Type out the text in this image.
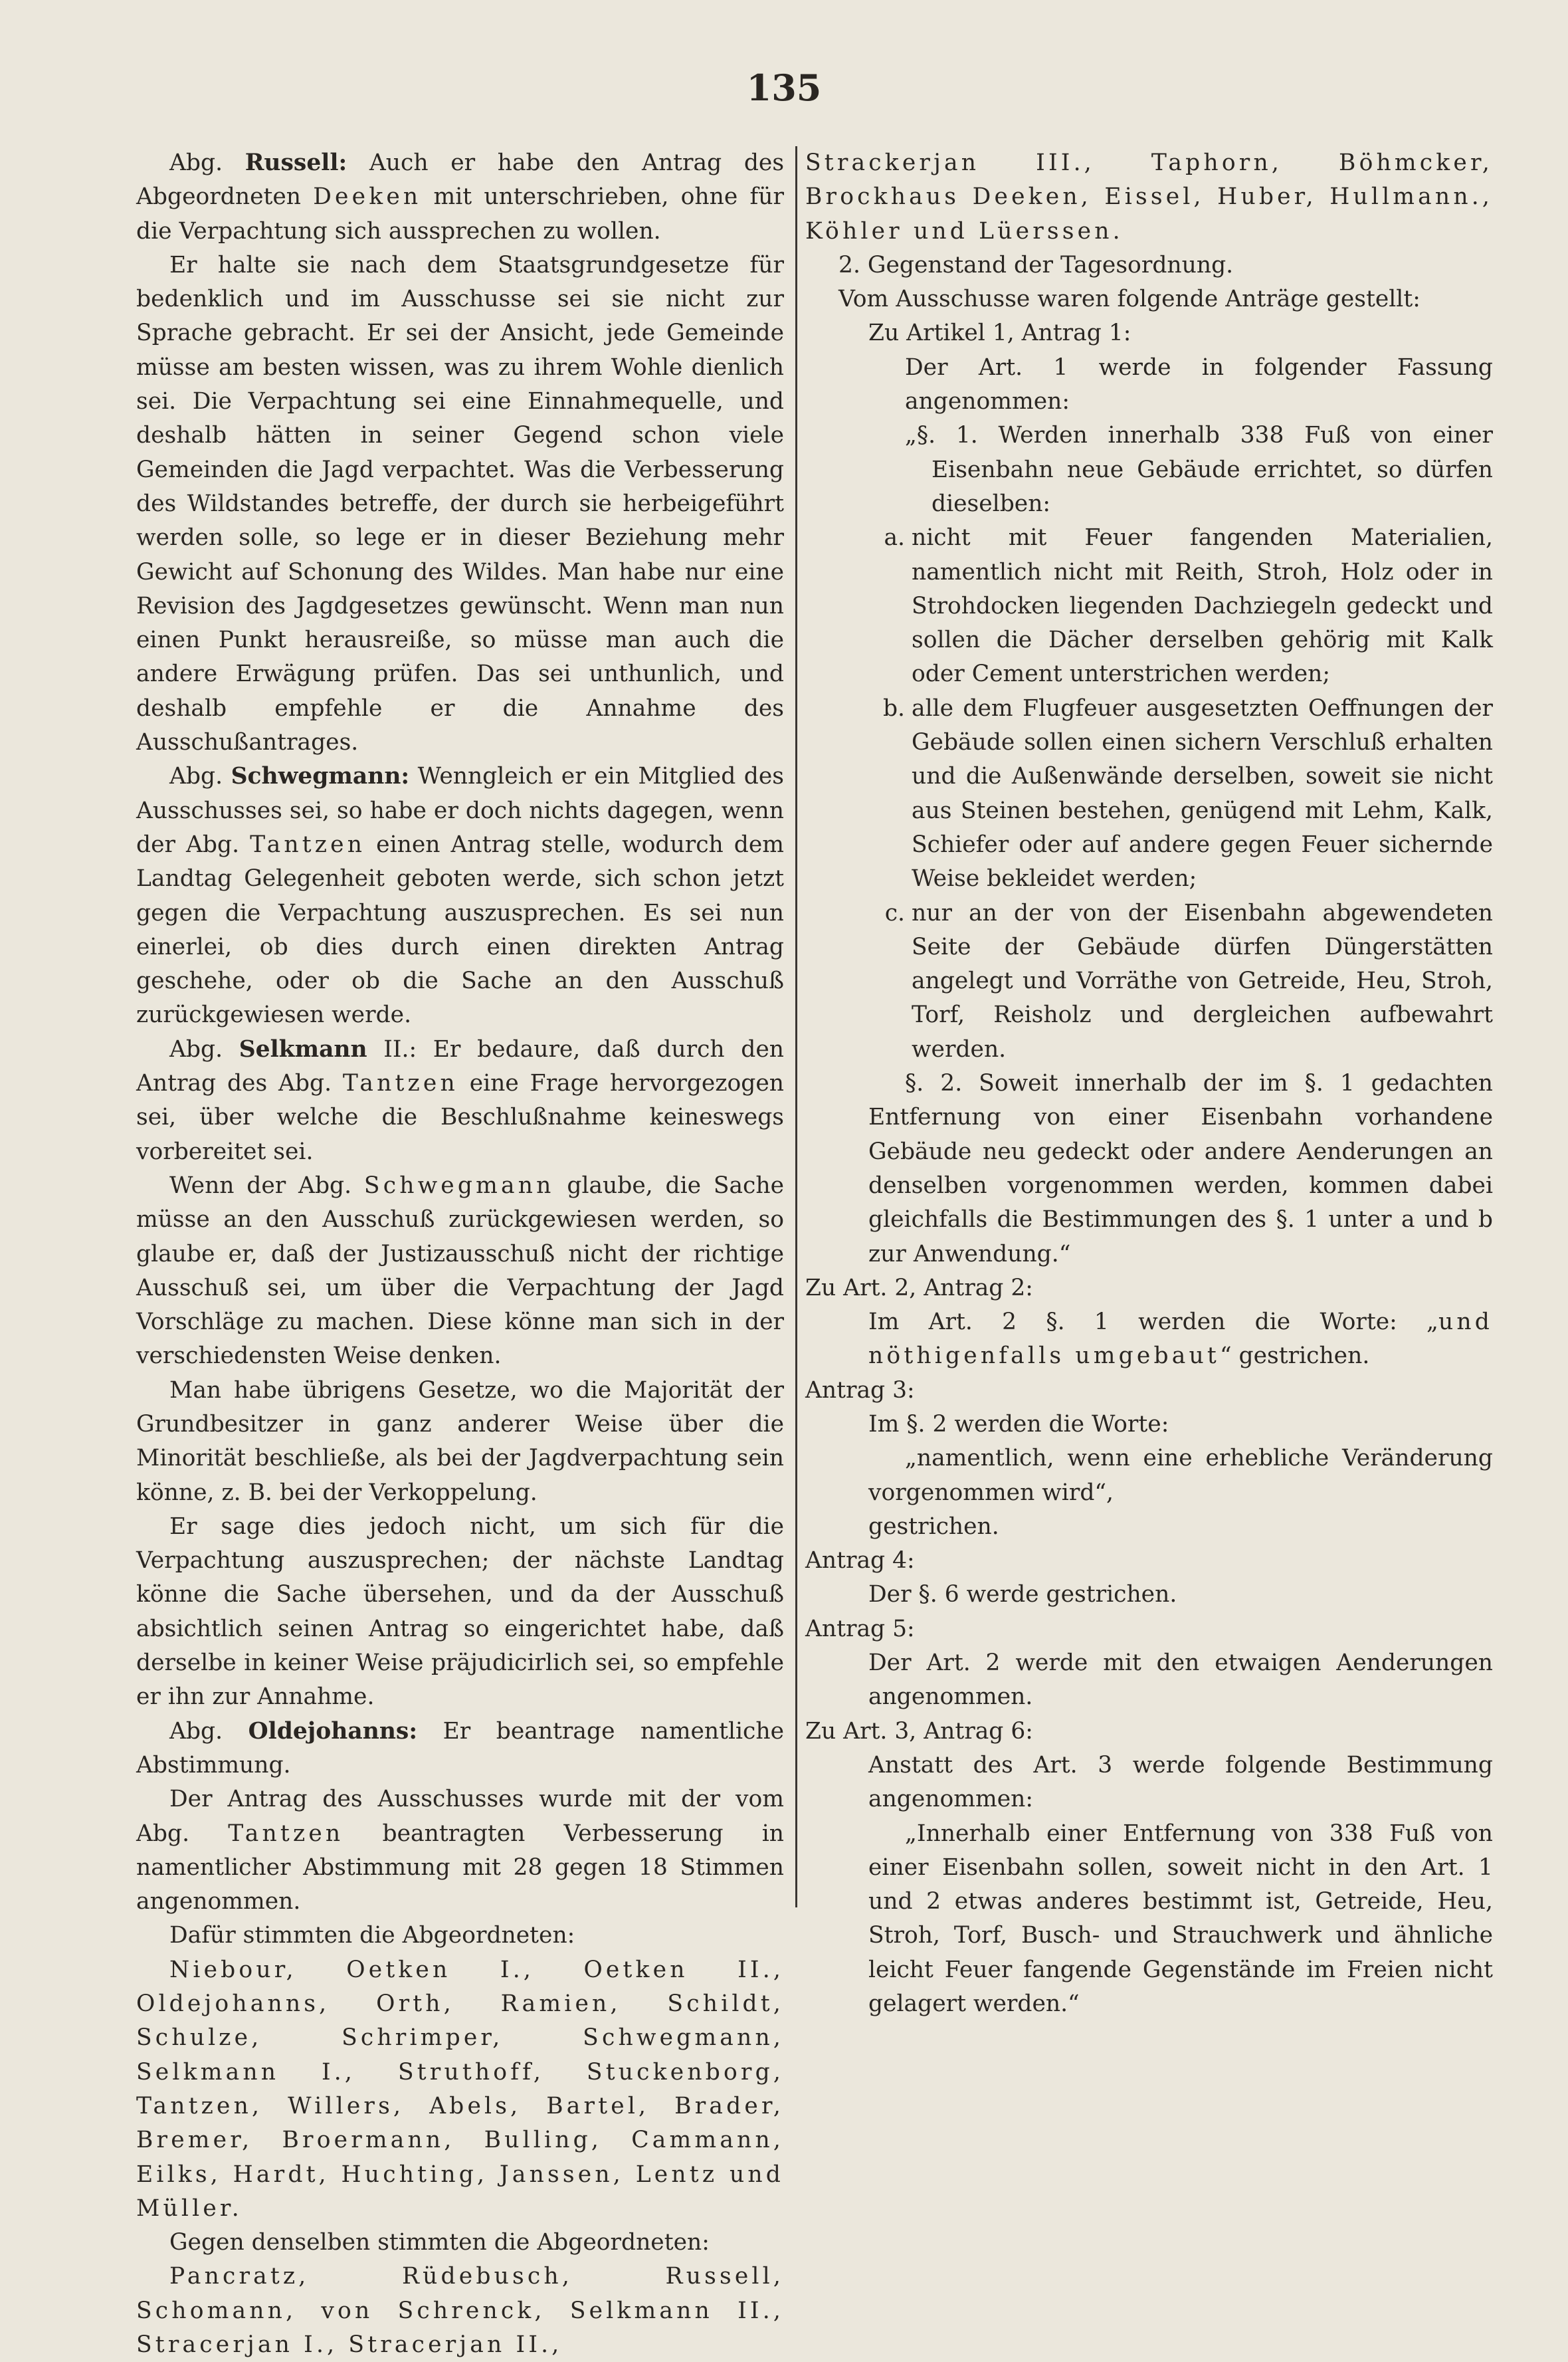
135

Abg. Russell: Auch er habe den Antrag des Abgeordneten Deeken mit unterschrieben, ohne für die Verpachtung sich aussprechen zu wollen.

Er halte sie nach dem Staatsgrundgesetze für bedenklich und im Ausschusse sei sie nicht zur Sprache gebracht. Er sei der Ansicht, jede Gemeinde müsse am besten wissen, was zu ihrem Wohle dienlich sei. Die Verpachtung sei eine Einnahmequelle, und deshalb hätten in seiner Gegend schon viele Gemeinden die Jagd verpachtet. Was die Verbesserung des Wildstandes betreffe, der durch sie herbeigeführt werden solle, so lege er in dieser Beziehung mehr Gewicht auf Schonung des Wildes. Man habe nur eine Revision des Jagdgesetzes gewünscht. Wenn man nun einen Punkt herausreiße, so müsse man auch die andere Erwägung prüfen. Das sei unthunlich, und deshalb empfehle er die Annahme des Ausschußantrages.

Abg. Schwegmann: Wenngleich er ein Mitglied des Ausschusses sei, so habe er doch nichts dagegen, wenn der Abg. Tantzen einen Antrag stelle, wodurch dem Landtag Gelegenheit geboten werde, sich schon jetzt gegen die Verpachtung auszusprechen. Es sei nun einerlei, ob dies durch einen direkten Antrag geschehe, oder ob die Sache an den Ausschuß zurückgewiesen werde.

Abg. Selkmann II.: Er bedaure, daß durch den Antrag des Abg. Tantzen eine Frage hervorgezogen sei, über welche die Beschlußnahme keineswegs vorbereitet sei.

Wenn der Abg. Schwegmann glaube, die Sache müsse an den Ausschuß zurückgewiesen werden, so glaube er, daß der Justizausschuß nicht der richtige Ausschuß sei, um über die Verpachtung der Jagd Vorschläge zu machen. Diese könne man sich in der verschiedensten Weise denken.

Man habe übrigens Gesetze, wo die Majorität der Grundbesitzer in ganz anderer Weise über die Minorität beschließe, als bei der Jagdverpachtung sein könne, z. B. bei der Verkoppelung.

Er sage dies jedoch nicht, um sich für die Verpachtung auszusprechen; der nächste Landtag könne die Sache übersehen, und da der Ausschuß absichtlich seinen Antrag so eingerichtet habe, daß derselbe in keiner Weise präjudicirlich sei, so empfehle er ihn zur Annahme.

Abg. Oldejohanns: Er beantrage namentliche Abstimmung.

Der Antrag des Ausschusses wurde mit der vom Abg. Tantzen beantragten Verbesserung in namentlicher Abstimmung mit 28 gegen 18 Stimmen angenommen.

Dafür stimmten die Abgeordneten:

Niebour, Oetken I., Oetken II., Oldejohanns, Orth, Ramien, Schildt, Schulze, Schrimper, Schwegmann, Selkmann I., Struthoff, Stuckenborg, Tantzen, Willers, Abels, Bartel, Brader, Bremer, Broermann, Bulling, Cammann, Eilks, Hardt, Huchting, Janssen, Lentz und Müller.

Gegen denselben stimmten die Abgeordneten:

Pancratz, Rüdebusch, Russell, Schomann, von Schrenck, Selkmann II., Stracerjan I., Stracerjan II.,

Strackerjan III., Taphorn, Böhmcker, Brockhaus Deeken, Eissel, Huber, Hullmann., Köhler und Lüerssen.

2. Gegenstand der Tagesordnung.

Vom Ausschusse waren folgende Anträge gestellt:

Zu Artikel 1, Antrag 1:

Der Art. 1 werde in folgender Fassung angenommen:

„§. 1. Werden innerhalb 338 Fuß von einer Eisenbahn neue Gebäude errichtet, so dürfen dieselben:

a. nicht mit Feuer fangenden Materialien, namentlich nicht mit Reith, Stroh, Holz oder in Strohdocken liegenden Dachziegeln gedeckt und sollen die Dächer derselben gehörig mit Kalk oder Cement unterstrichen werden;
b. alle dem Flugfeuer ausgesetzten Oeffnungen der Gebäude sollen einen sichern Verschluß erhalten und die Außenwände derselben, soweit sie nicht aus Steinen bestehen, genügend mit Lehm, Kalk, Schiefer oder auf andere gegen Feuer sichernde Weise bekleidet werden;
c. nur an der von der Eisenbahn abgewendeten Seite der Gebäude dürfen Düngerstätten angelegt und Vorräthe von Getreide, Heu, Stroh, Torf, Reisholz und dergleichen aufbewahrt werden.

§. 2. Soweit innerhalb der im §. 1 gedachten Entfernung von einer Eisenbahn vorhandene Gebäude neu gedeckt oder andere Aenderungen an denselben vorgenommen werden, kommen dabei gleichfalls die Bestimmungen des §. 1 unter a und b zur Anwendung.“

Zu Art. 2, Antrag 2:

Im Art. 2 §. 1 werden die Worte: „und nöthigenfalls umgebaut“ gestrichen.

Antrag 3:

Im §. 2 werden die Worte:

„namentlich, wenn eine erhebliche Veränderung vorgenommen wird“,

gestrichen.

Antrag 4:

Der §. 6 werde gestrichen.

Antrag 5:

Der Art. 2 werde mit den etwaigen Aenderungen angenommen.

Zu Art. 3, Antrag 6:

Anstatt des Art. 3 werde folgende Bestimmung angenommen:

„Innerhalb einer Entfernung von 338 Fuß von einer Eisenbahn sollen, soweit nicht in den Art. 1 und 2 etwas anderes bestimmt ist, Getreide, Heu, Stroh, Torf, Busch- und Strauchwerk und ähnliche leicht Feuer fangende Gegenstände im Freien nicht gelagert werden.“
